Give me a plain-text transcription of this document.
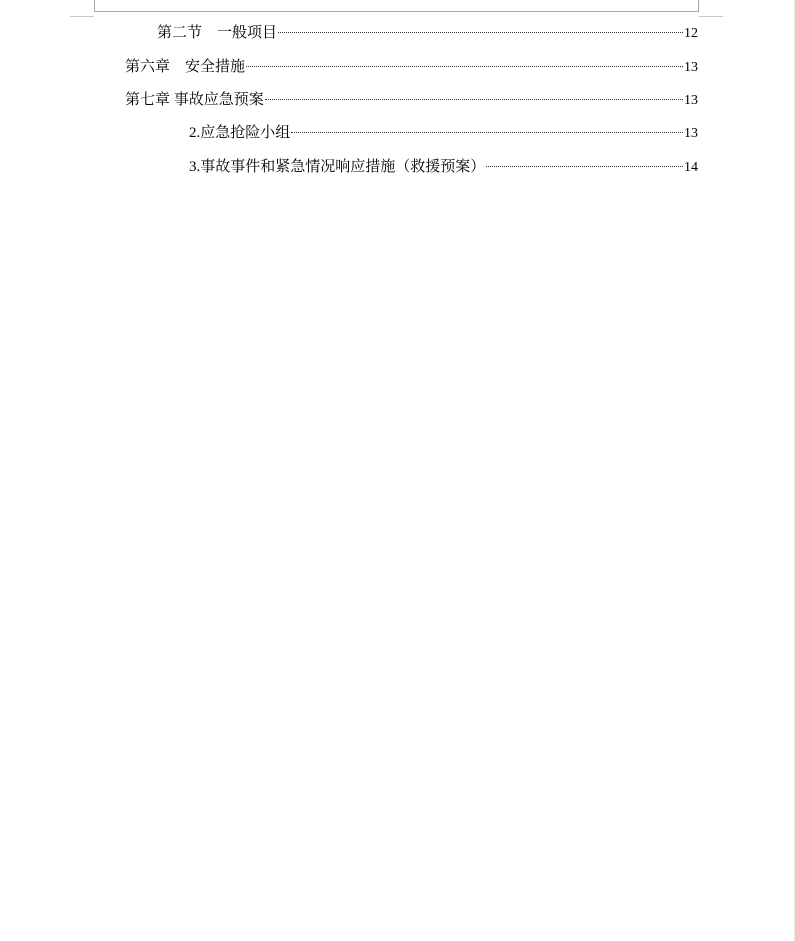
第二节　一般项目	12
第六章　安全措施	13
第七章 事故应急预案	13
2.应急抢险小组	13
3.事故事件和紧急情况响应措施（救援预案）	14
